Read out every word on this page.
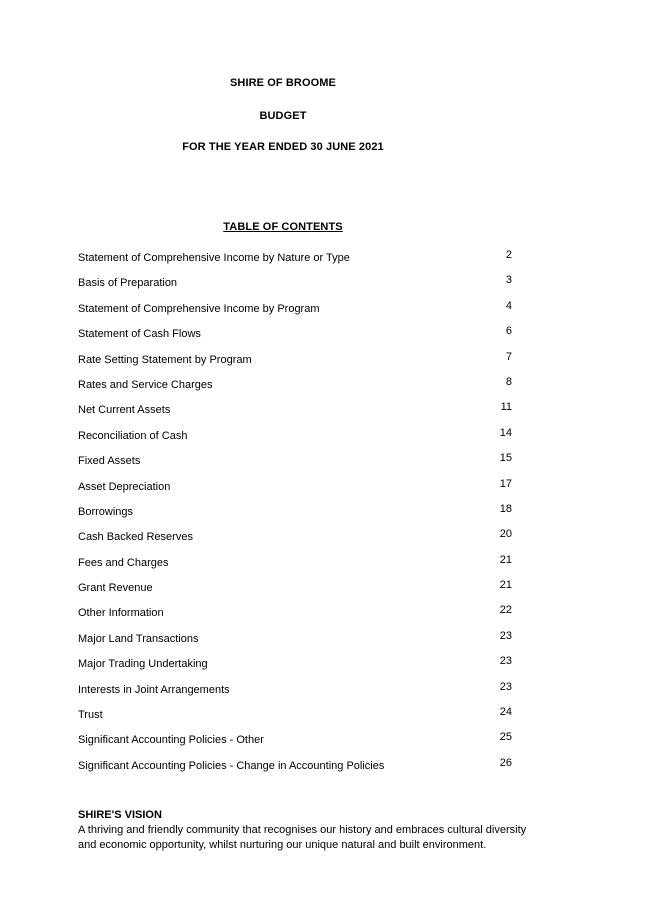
SHIRE OF BROOME
BUDGET
FOR THE YEAR ENDED 30 JUNE 2021
TABLE OF CONTENTS
Statement of Comprehensive Income by Nature or Type	2
Basis of Preparation	3
Statement of Comprehensive Income by Program	4
Statement of Cash Flows	6
Rate Setting Statement by Program	7
Rates and Service Charges	8
Net Current Assets	11
Reconciliation of Cash	14
Fixed Assets	15
Asset Depreciation	17
Borrowings	18
Cash Backed Reserves	20
Fees and Charges	21
Grant Revenue	21
Other Information	22
Major Land Transactions	23
Major Trading Undertaking	23
Interests in Joint Arrangements	23
Trust	24
Significant Accounting Policies - Other	25
Significant Accounting Policies - Change in Accounting Policies	26
SHIRE'S VISION
A thriving and friendly community that recognises our history and embraces cultural diversity
and economic opportunity, whilst nurturing our unique natural and built environment.
